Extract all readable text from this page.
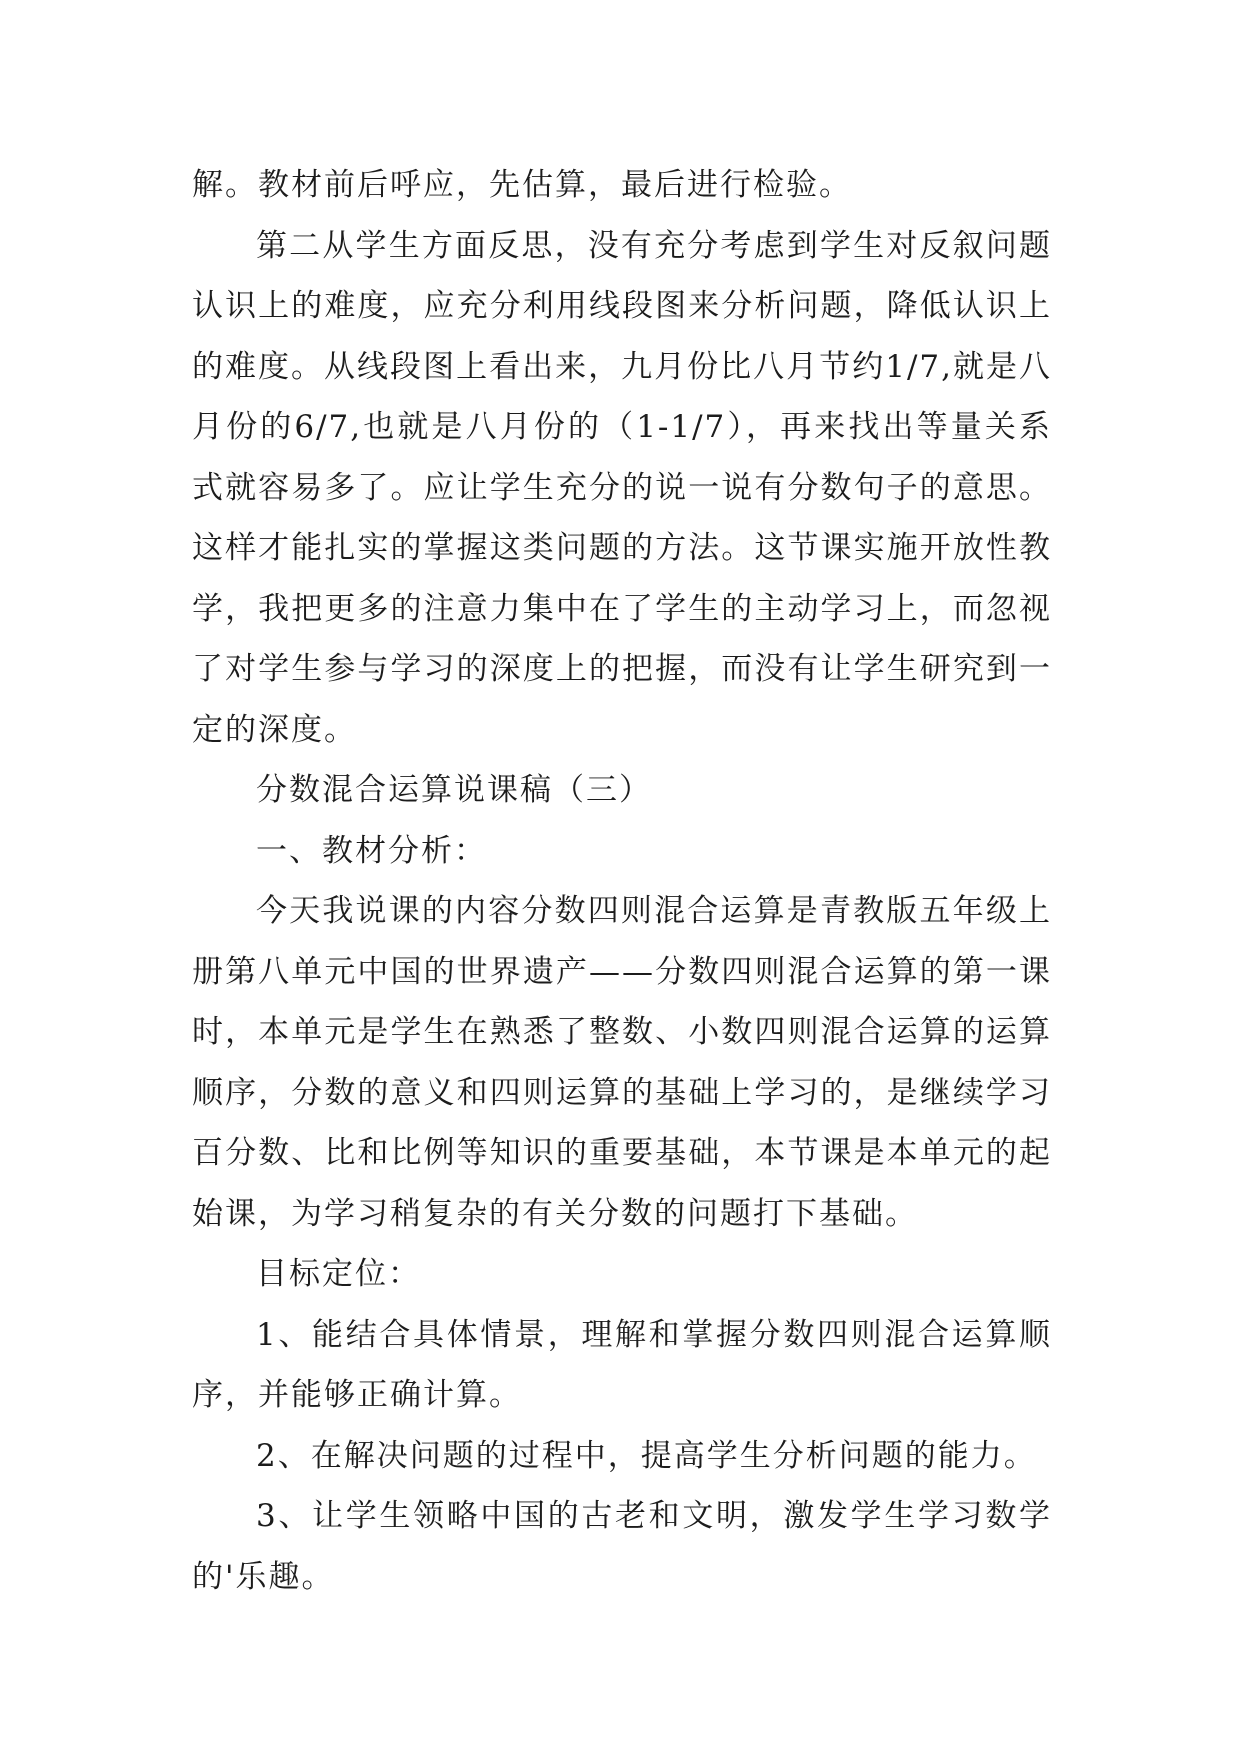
解。教材前后呼应，先估算，最后进行检验。

第二从学生方面反思，没有充分考虑到学生对反叙问题认识上的难度，应充分利用线段图来分析问题，降低认识上的难度。从线段图上看出来，九月份比八月节约1/7,就是八月份的6/7,也就是八月份的（1-1/7），再来找出等量关系式就容易多了。应让学生充分的说一说有分数句子的意思。这样才能扎实的掌握这类问题的方法。这节课实施开放性教学，我把更多的注意力集中在了学生的主动学习上，而忽视了对学生参与学习的深度上的把握，而没有让学生研究到一定的深度。

分数混合运算说课稿（三）

一、教材分析：

今天我说课的内容分数四则混合运算是青教版五年级上册第八单元中国的世界遗产——分数四则混合运算的第一课时，本单元是学生在熟悉了整数、小数四则混合运算的运算顺序，分数的意义和四则运算的基础上学习的，是继续学习百分数、比和比例等知识的重要基础，本节课是本单元的起始课，为学习稍复杂的有关分数的问题打下基础。

目标定位：

1、能结合具体情景，理解和掌握分数四则混合运算顺序，并能够正确计算。

2、在解决问题的过程中，提高学生分析问题的能力。

3、让学生领略中国的古老和文明，激发学生学习数学的'乐趣。
